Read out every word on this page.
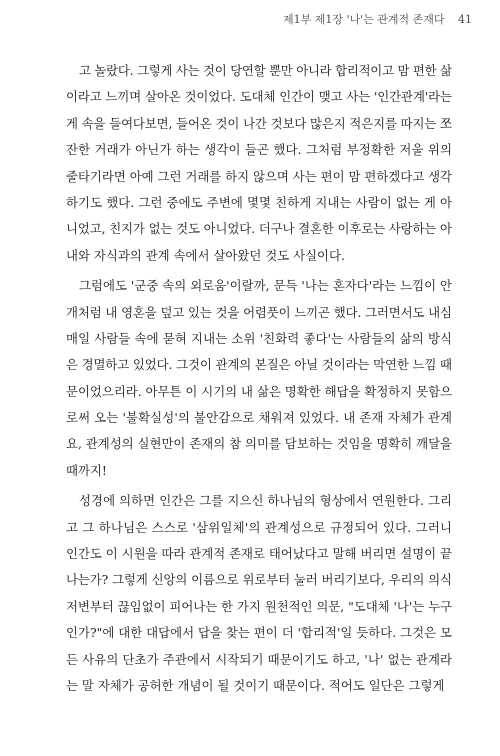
제1부 제1장 '나'는 관계적 존재다 41
고 놀랐다. 그렇게 사는 것이 당연할 뿐만 아니라 합리적이고 맘 편한 삶
이라고 느끼며 살아온 것이었다. 도대체 인간이 맺고 사는 '인간관계'라는
게 속을 들여다보면, 들어온 것이 나간 것보다 많은지 적은지를 따지는 쪼
잔한 거래가 아닌가 하는 생각이 들곤 했다. 그처럼 부정확한 저울 위의
줄타기라면 아예 그런 거래를 하지 않으며 사는 편이 맘 편하겠다고 생각
하기도 했다. 그런 중에도 주변에 몇몇 친하게 지내는 사람이 없는 게 아
니었고, 친지가 없는 것도 아니었다. 더구나 결혼한 이후로는 사랑하는 아
내와 자식과의 관계 속에서 살아왔던 것도 사실이다.
그럼에도 '군중 속의 외로움'이랄까, 문득 '나는 혼자다'라는 느낌이 안
개처럼 내 영혼을 덮고 있는 것을 어렴풋이 느끼곤 했다. 그러면서도 내심
매일 사람들 속에 묻혀 지내는 소위 '친화력 좋다'는 사람들의 삶의 방식
은 경멸하고 있었다. 그것이 관계의 본질은 아닐 것이라는 막연한 느낌 때
문이었으리라. 아무튼 이 시기의 내 삶은 명확한 해답을 확정하지 못함으
로써 오는 '불확실성'의 불안감으로 채워져 있었다. 내 존재 자체가 관계
요, 관계성의 실현만이 존재의 참 의미를 담보하는 것임을 명확히 깨달을
때까지!
성경에 의하면 인간은 그를 지으신 하나님의 형상에서 연원한다. 그리
고 그 하나님은 스스로 '삼위일체'의 관계성으로 규정되어 있다. 그러니
인간도 이 시원을 따라 관계적 존재로 태어났다고 말해 버리면 설명이 끝
나는가? 그렇게 신앙의 이름으로 위로부터 눌러 버리기보다, 우리의 의식
저변부터 끊임없이 피어나는 한 가지 원천적인 의문, "도대체 '나'는 누구
인가?"에 대한 대답에서 답을 찾는 편이 더 '합리적'일 듯하다. 그것은 모
든 사유의 단초가 주관에서 시작되기 때문이기도 하고, '나' 없는 관계라
는 말 자체가 공허한 개념이 될 것이기 때문이다. 적어도 일단은 그렇게
